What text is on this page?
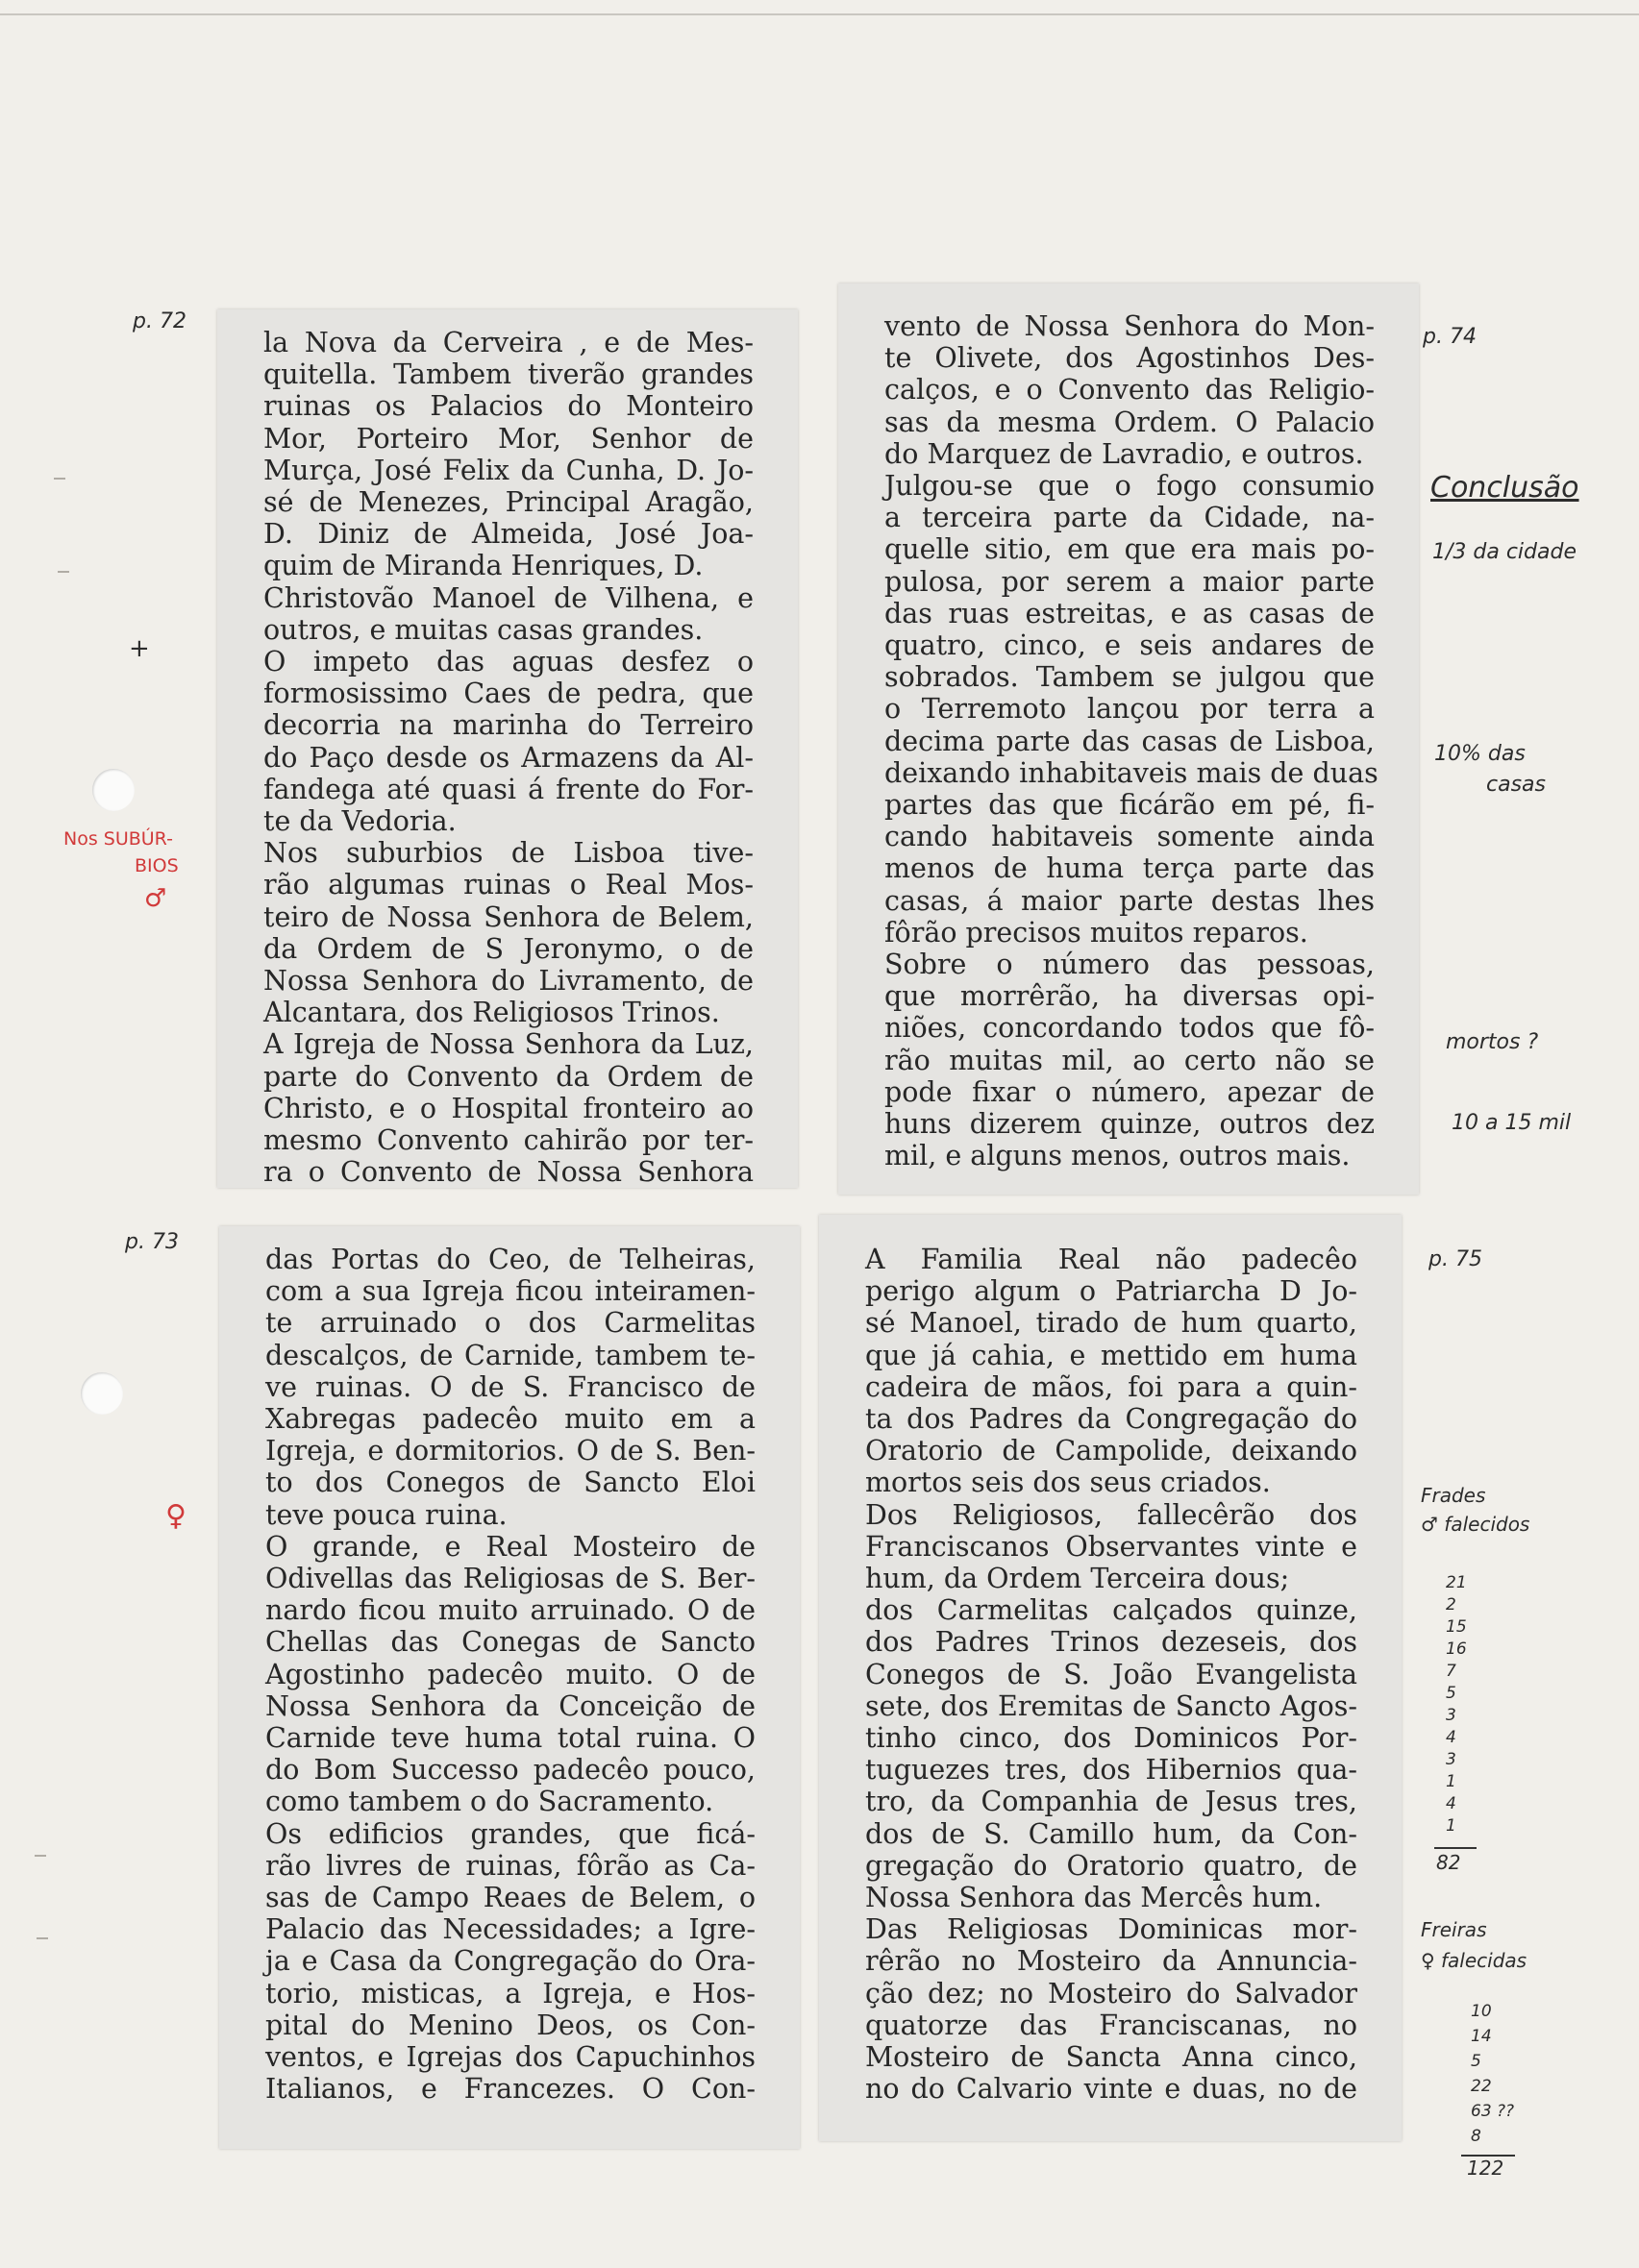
la Nova da Cerveira , e de Mes-
quitella. Tambem tiverão grandes
ruinas os Palacios do Monteiro
Mor, Porteiro Mor, Senhor de
Murça, José Felix da Cunha, D. Jo-
sé de Menezes, Principal Aragão,
D. Diniz de Almeida, José Joa-
quim de Miranda Henriques, D.
Christovão Manoel de Vilhena, e
outros, e muitas casas grandes.
O impeto das aguas desfez o
formosissimo Caes de pedra, que
decorria na marinha do Terreiro
do Paço desde os Armazens da Al-
fandega até quasi á frente do For-
te da Vedoria.
Nos suburbios de Lisboa tive-
rão algumas ruinas o Real Mos-
teiro de Nossa Senhora de Belem,
da Ordem de S Jeronymo, o de
Nossa Senhora do Livramento, de
Alcantara, dos Religiosos Trinos.
A Igreja de Nossa Senhora da Luz,
parte do Convento da Ordem de
Christo, e o Hospital fronteiro ao
mesmo Convento cahirão por ter-
ra o Convento de Nossa Senhora
vento de Nossa Senhora do Mon-
te Olivete, dos Agostinhos Des-
calços, e o Convento das Religio-
sas da mesma Ordem. O Palacio
do Marquez de Lavradio, e outros.
Julgou-se que o fogo consumio
a terceira parte da Cidade, na-
quelle sitio, em que era mais po-
pulosa, por serem a maior parte
das ruas estreitas, e as casas de
quatro, cinco, e seis andares de
sobrados. Tambem se julgou que
o Terremoto lançou por terra a
decima parte das casas de Lisboa,
deixando inhabitaveis mais de duas
partes das que ficárão em pé, fi-
cando habitaveis somente ainda
menos de huma terça parte das
casas, á maior parte destas lhes
fôrão precisos muitos reparos.
Sobre o número das pessoas,
que morrêrão, ha diversas opi-
niões, concordando todos que fô-
rão muitas mil, ao certo não se
pode fixar o número, apezar de
huns dizerem quinze, outros dez
mil, e alguns menos, outros mais.
das Portas do Ceo, de Telheiras,
com a sua Igreja ficou inteiramen-
te arruinado o dos Carmelitas
descalços, de Carnide, tambem te-
ve ruinas. O de S. Francisco de
Xabregas padecêo muito em a
Igreja, e dormitorios. O de S. Ben-
to dos Conegos de Sancto Eloi
teve pouca ruina.
O grande, e Real Mosteiro de
Odivellas das Religiosas de S. Ber-
nardo ficou muito arruinado. O de
Chellas das Conegas de Sancto
Agostinho padecêo muito. O de
Nossa Senhora da Conceição de
Carnide teve huma total ruina. O
do Bom Successo padecêo pouco,
como tambem o do Sacramento.
Os edificios grandes, que ficá-
rão livres de ruinas, fôrão as Ca-
sas de Campo Reaes de Belem, o
Palacio das Necessidades; a Igre-
ja e Casa da Congregação do Ora-
torio, misticas, a Igreja, e Hos-
pital do Menino Deos, os Con-
ventos, e Igrejas dos Capuchinhos
Italianos, e Francezes. O Con-
A Familia Real não padecêo
perigo algum o Patriarcha D Jo-
sé Manoel, tirado de hum quarto,
que já cahia, e mettido em huma
cadeira de mãos, foi para a quin-
ta dos Padres da Congregação do
Oratorio de Campolide, deixando
mortos seis dos seus criados.
Dos Religiosos, fallecêrão dos
Franciscanos Observantes vinte e
hum, da Ordem Terceira dous;
dos Carmelitas calçados quinze,
dos Padres Trinos dezeseis, dos
Conegos de S. João Evangelista
sete, dos Eremitas de Sancto Agos-
tinho cinco, dos Dominicos Por-
tuguezes tres, dos Hibernios qua-
tro, da Companhia de Jesus tres,
dos de S. Camillo hum, da Con-
gregação do Oratorio quatro, de
Nossa Senhora das Mercês hum.
Das Religiosas Dominicas mor-
rêrão no Mosteiro da Annuncia-
ção dez; no Mosteiro do Salvador
quatorze das Franciscanas, no
Mosteiro de Sancta Anna cinco,
no do Calvario vinte e duas, no de
p. 72
p. 73
p. 74
p. 75
+
Nos SUBÚR-
BIOS
♂
♀
Conclusão
1/3 da cidade
10% das
casas
mortos ?
10 a 15 mil
Frades
♂ falecidos
21
2
15
16
7
5
3
4
3
1
4
1
82
Freiras
♀ falecidas
10
14
5
22
63 ??
8
122
